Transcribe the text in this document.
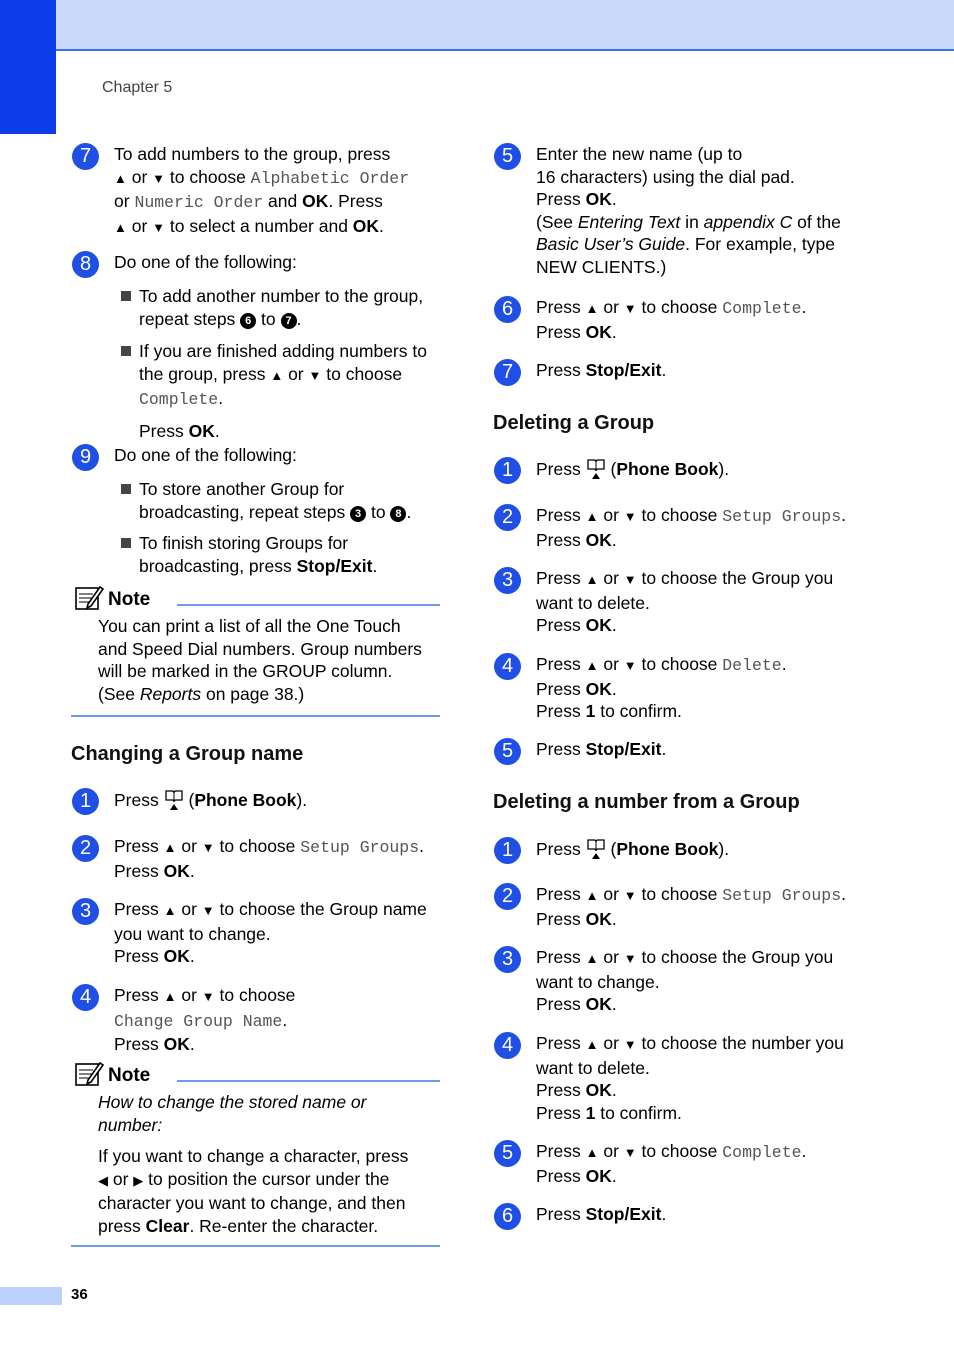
Chapter 5
7	To add numbers to the group, press
▲ or ▼ to choose Alphabetic Order
or Numeric Order and OK. Press
▲ or ▼ to select a number and OK.
8	Do one of the following:
To add another number to the group,
repeat steps 6 to 7 .
If you are finished adding numbers to
the group, press ▲ or ▼ to choose
Complete.
Press OK.
9	Do one of the following:
To store another Group for
broadcasting, repeat steps 3 to 8 .
To finish storing Groups for
broadcasting, press Stop/Exit.
Note
You can print a list of all the One Touch
and Speed Dial numbers. Group numbers
will be marked in the GROUP column.
(See Reports on page 38.)
Changing a Group name
1	Press  (Phone Book).
2	Press ▲ or ▼ to choose Setup Groups.
Press OK.
3	Press ▲ or ▼ to choose the Group name
you want to change.
Press OK.
4	Press ▲ or ▼ to choose
Change Group Name.
Press OK.
Note
How to change the stored name or
number:
If you want to change a character, press
◀ or ▶ to position the cursor under the
character you want to change, and then
press Clear. Re-enter the character.
5	Enter the new name (up to
16 characters) using the dial pad.
Press OK.
(See Entering Text in appendix C of the
Basic User’s Guide. For example, type
NEW CLIENTS.)
6	Press ▲ or ▼ to choose Complete.
Press OK.
7	Press Stop/Exit.
Deleting a Group
1	Press  (Phone Book).
2	Press ▲ or ▼ to choose Setup Groups.
Press OK.
3	Press ▲ or ▼ to choose the Group you
want to delete.
Press OK.
4	Press ▲ or ▼ to choose Delete.
Press OK.
Press 1 to confirm.
5	Press Stop/Exit.
Deleting a number from a Group
1	Press  (Phone Book).
2	Press ▲ or ▼ to choose Setup Groups.
Press OK.
3	Press ▲ or ▼ to choose the Group you
want to change.
Press OK.
4	Press ▲ or ▼ to choose the number you
want to delete.
Press OK.
Press 1 to confirm.
5	Press ▲ or ▼ to choose Complete.
Press OK.
6	Press Stop/Exit.
36
